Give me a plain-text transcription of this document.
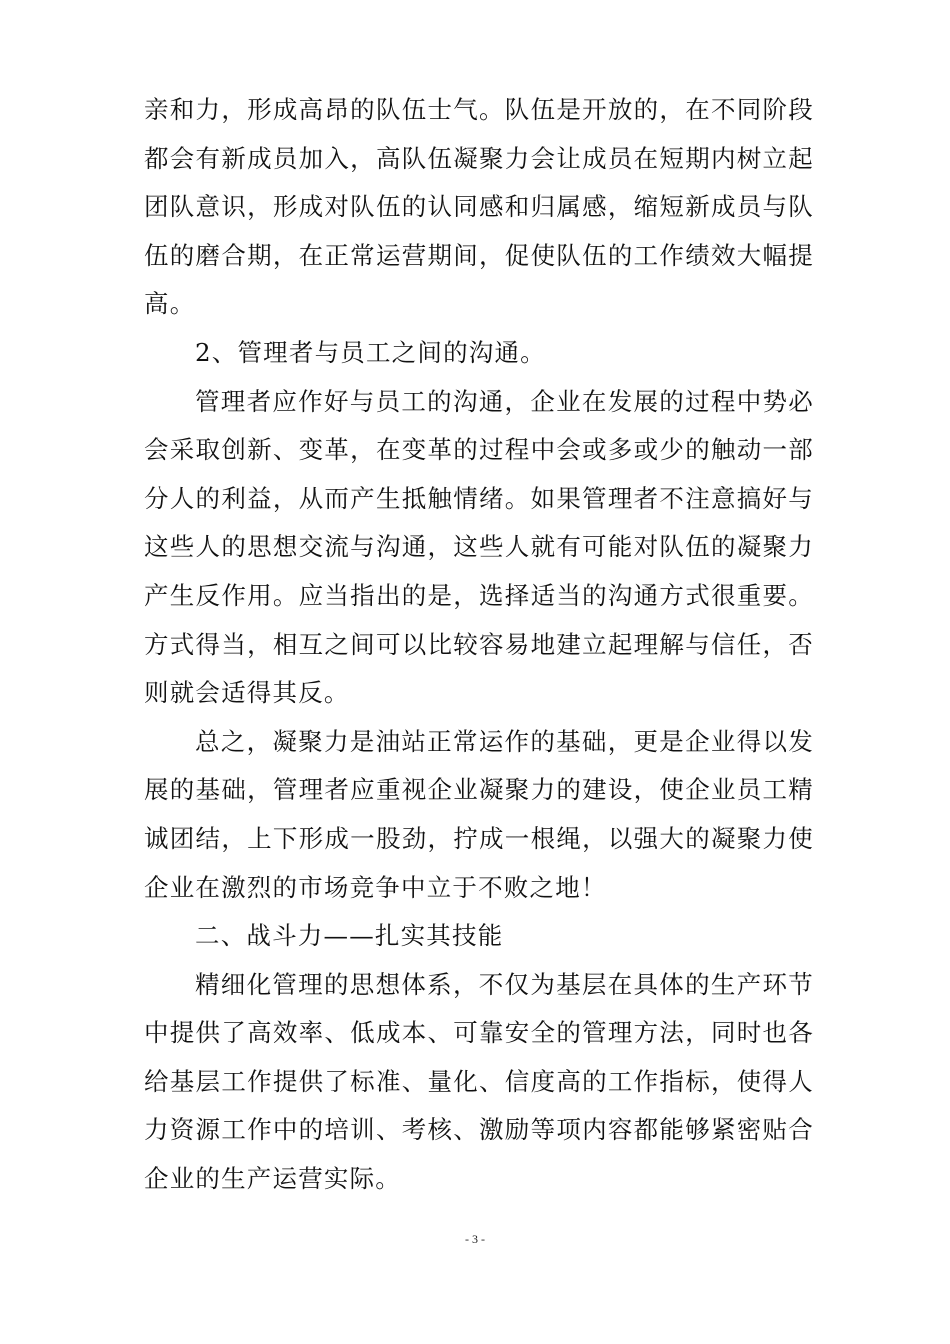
亲和力，形成高昂的队伍士气。队伍是开放的，在不同阶段都会有新成员加入，高队伍凝聚力会让成员在短期内树立起团队意识，形成对队伍的认同感和归属感，缩短新成员与队伍的磨合期，在正常运营期间，促使队伍的工作绩效大幅提高。

2、管理者与员工之间的沟通。

管理者应作好与员工的沟通，企业在发展的过程中势必会采取创新、变革，在变革的过程中会或多或少的触动一部分人的利益，从而产生抵触情绪。如果管理者不注意搞好与这些人的思想交流与沟通，这些人就有可能对队伍的凝聚力产生反作用。应当指出的是，选择适当的沟通方式很重要。方式得当，相互之间可以比较容易地建立起理解与信任，否则就会适得其反。

总之，凝聚力是油站正常运作的基础，更是企业得以发展的基础，管理者应重视企业凝聚力的建设，使企业员工精诚团结，上下形成一股劲，拧成一根绳，以强大的凝聚力使企业在激烈的市场竞争中立于不败之地！

二、战斗力——扎实其技能

精细化管理的思想体系，不仅为基层在具体的生产环节中提供了高效率、低成本、可靠安全的管理方法，同时也各给基层工作提供了标准、量化、信度高的工作指标，使得人力资源工作中的培训、考核、激励等项内容都能够紧密贴合企业的生产运营实际。

- 3 -
